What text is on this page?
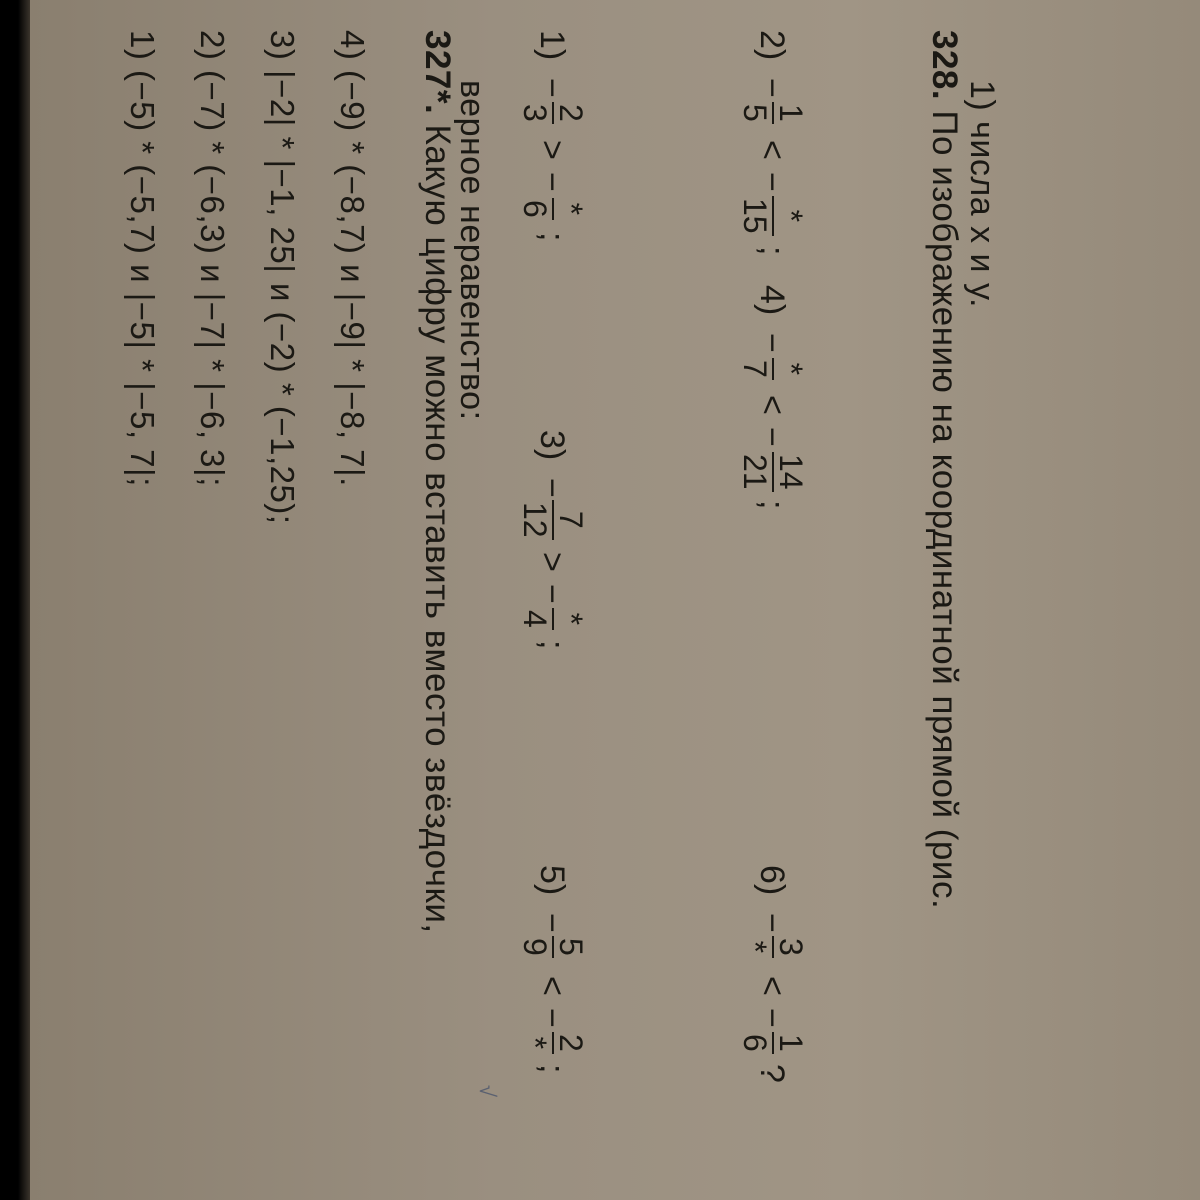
1) (−5) * (−5,7) и |−5| * |−5, 7|; 2) (−7) * (−6,3) и |−7| * |−6, 3|; 3) |−2| * |−1, 25| и (−2) * (−1,25); 4) (−9) * (−8,7) и |−9| * |−8, 7|.
√
327*. Какую цифру можно вставить вместо звёздочки,
верное неравенство:
1)
−
2
3
>
−
*
6
;
3)
−
7
12
>
−
*
4
;
5)
−
5
9
<
−
2
*
;
2)
−
1
5
<
−
*
15
;
4)
−
*
7
<
−
14
21
;
6)
−
3
*
<
−
1
6
?
328. По изображению на координатной прямой (рис. 1) числа x и y.
